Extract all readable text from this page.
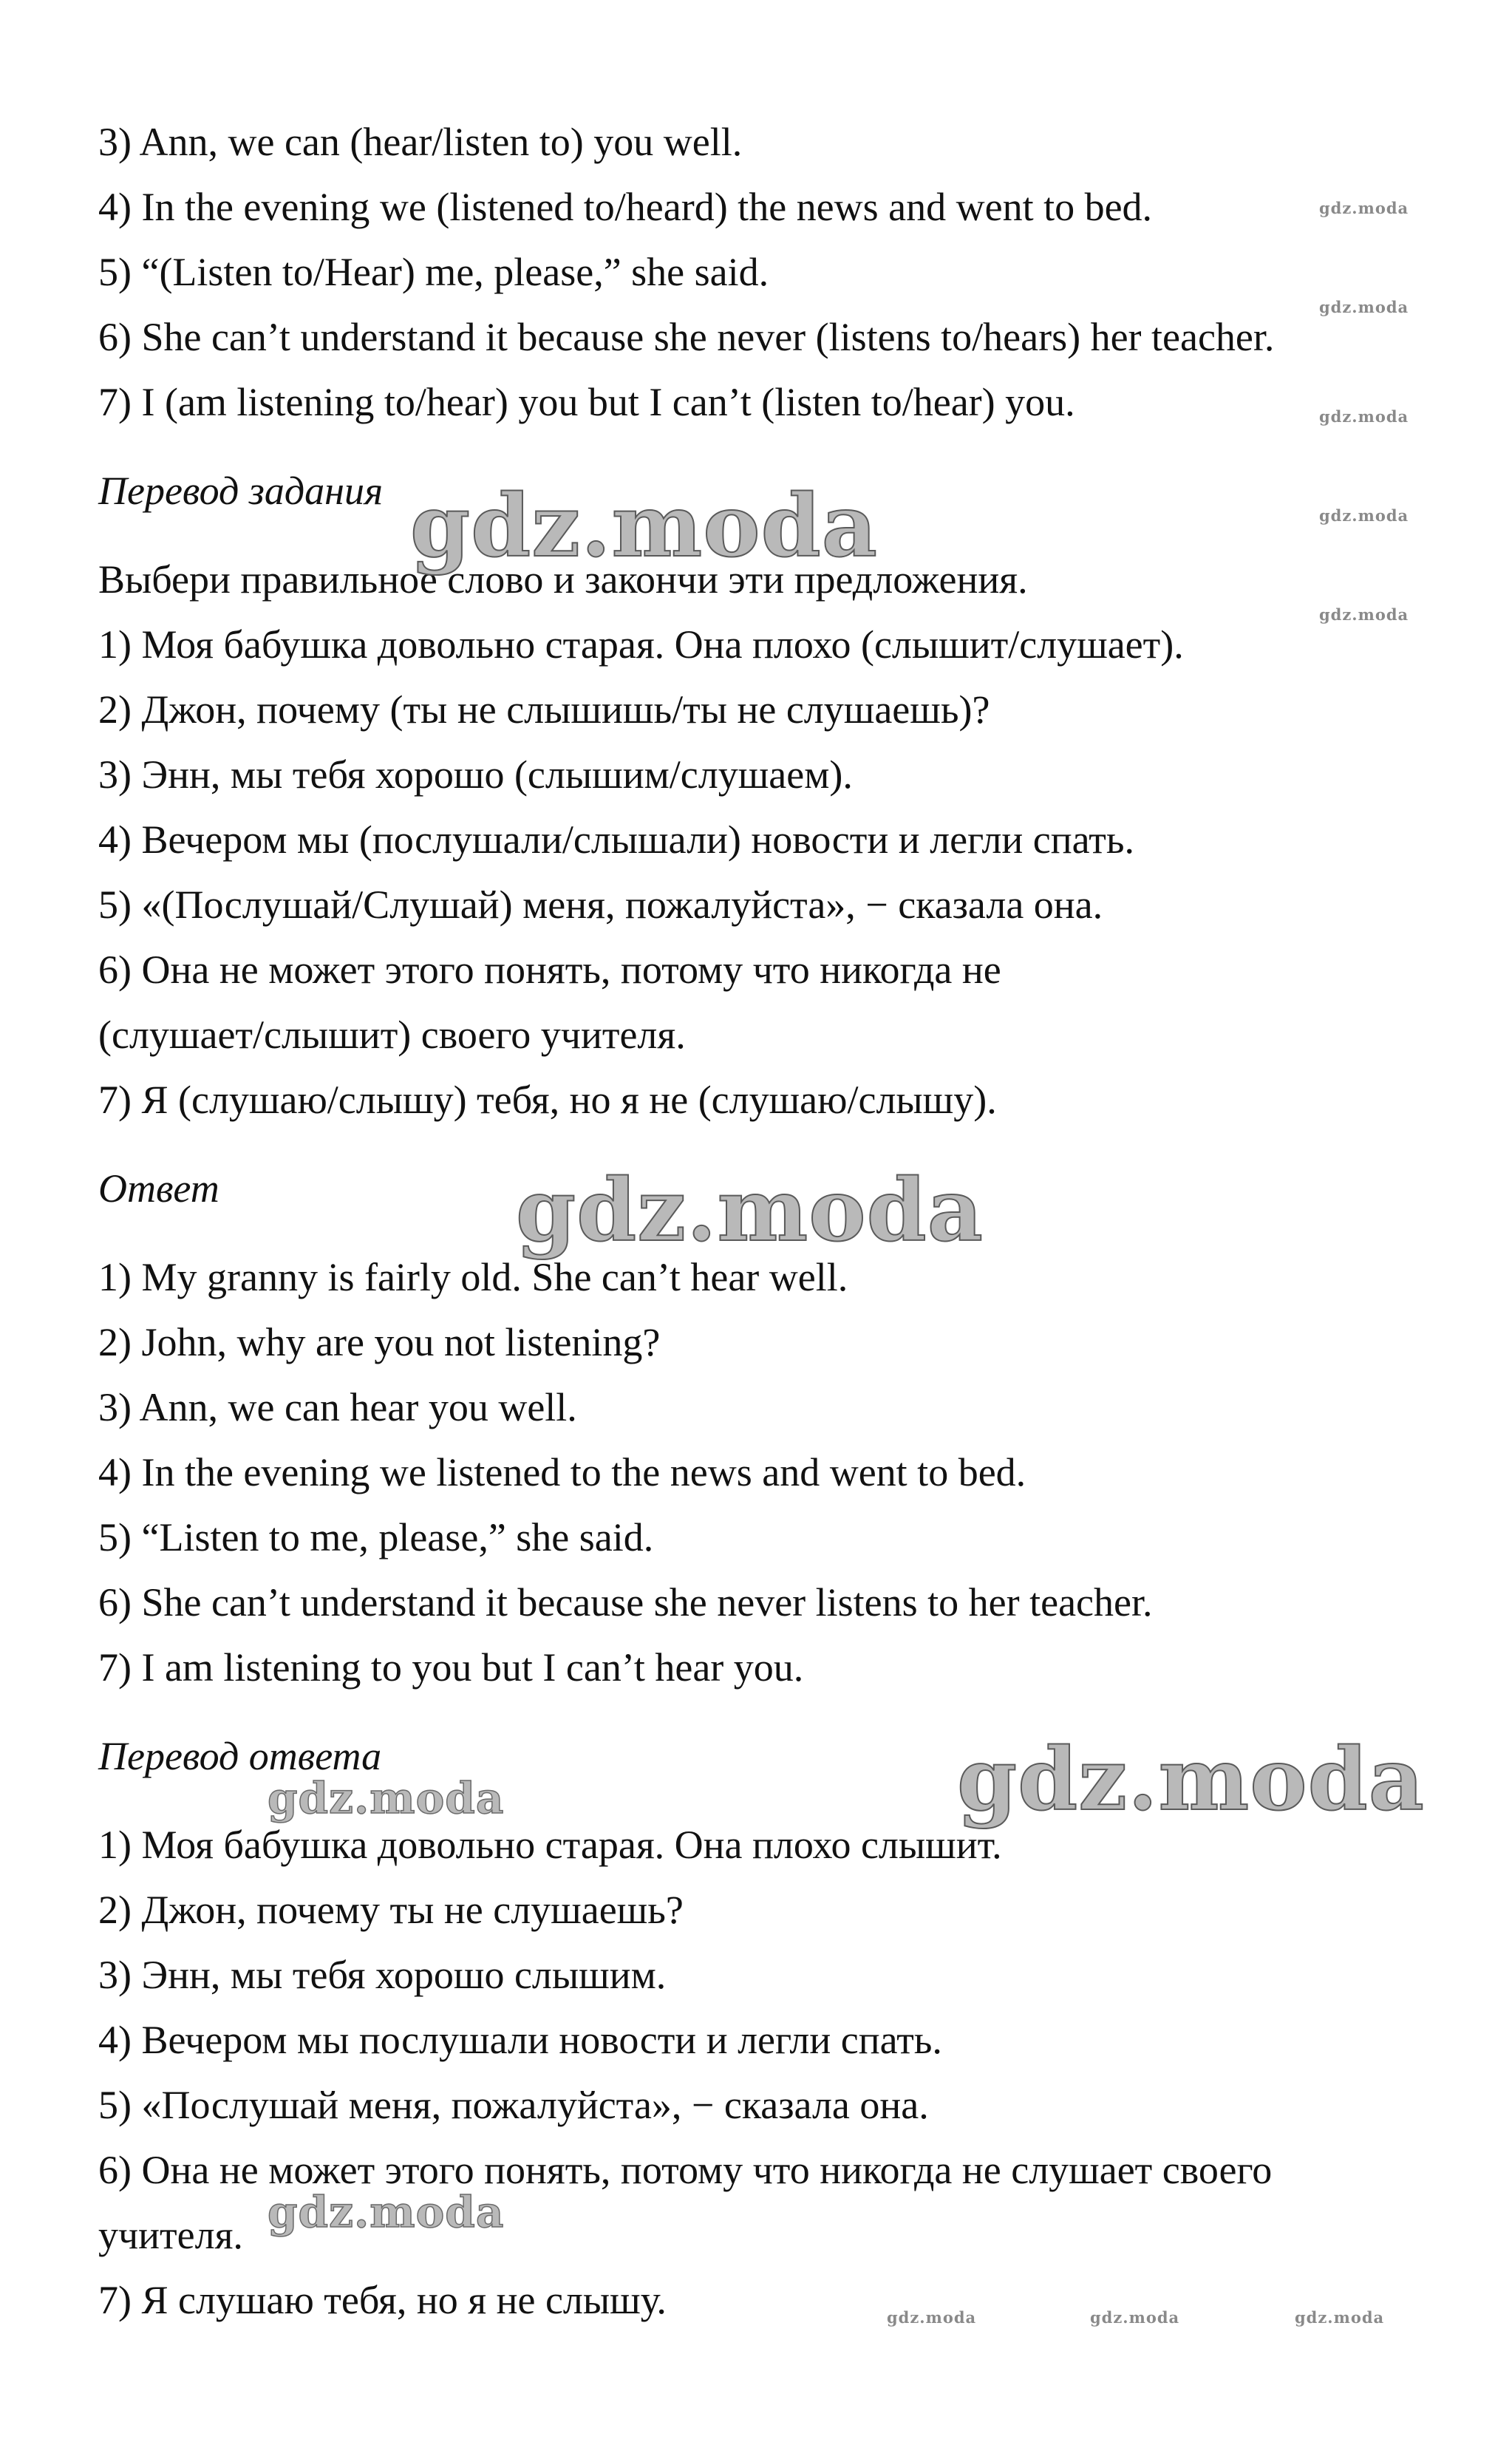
3) Ann, we can (hear/listen to) you well.
4) In the evening we (listened to/heard) the news and went to bed.
5) “(Listen to/Hear) me, please,” she said.
6) She can’t understand it because she never (listens to/hears) her teacher.
7) I (am listening to/hear) you but I can’t (listen to/hear) you.
Перевод задания
Выбери правильное слово и закончи эти предложения.
1) Моя бабушка довольно старая. Она плохо (слышит/слушает).
2) Джон, почему (ты не слышишь/ты не слушаешь)?
3) Энн, мы тебя хорошо (слышим/слушаем).
4) Вечером мы (послушали/слышали) новости и легли спать.
5) «(Послушай/Слушай) меня, пожалуйста», − сказала она.
6) Она не может этого понять, потому что никогда не
(слушает/слышит) своего учителя.
7) Я (слушаю/слышу) тебя, но я не (слушаю/слышу).
Ответ
1) My granny is fairly old. She can’t hear well.
2) John, why are you not listening?
3) Ann, we can hear you well.
4) In the evening we listened to the news and went to bed.
5) “Listen to me, please,” she said.
6) She can’t understand it because she never listens to her teacher.
7) I am listening to you but I can’t hear you.
Перевод ответа
1) Моя бабушка довольно старая. Она плохо слышит.
2) Джон, почему ты не слушаешь?
3) Энн, мы тебя хорошо слышим.
4) Вечером мы послушали новости и легли спать.
5) «Послушай меня, пожалуйста», − сказала она.
6) Она не может этого понять, потому что никогда не слушает своего
учителя.
7) Я слушаю тебя, но я не слышу.
gdz.moda
gdz.moda
gdz.moda
gdz.moda
gdz.moda
gdz.moda
gdz.moda
gdz.moda
gdz.moda
gdz.moda
gdz.moda	gdz.moda	gdz.moda
